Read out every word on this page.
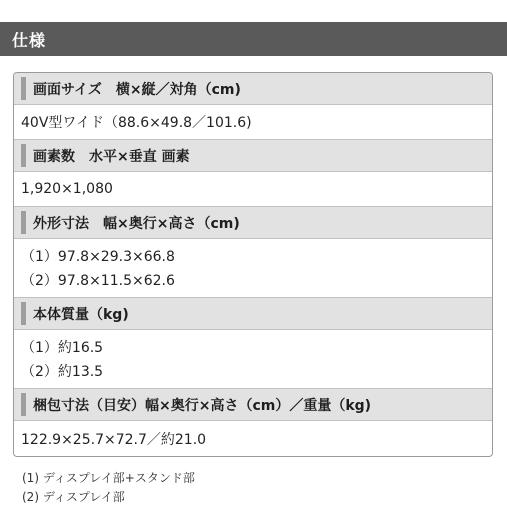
仕様
画面サイズ　横×縦／対角（cm)
40V型ワイド（88.6×49.8／101.6)
画素数　水平×垂直 画素
1,920×1,080
外形寸法　幅×奥行×高さ（cm)
（1）97.8×29.3×66.8
（2）97.8×11.5×62.6
本体質量（kg)
（1）約16.5
（2）約13.5
梱包寸法（目安）幅×奥行×高さ（cm）／重量（kg)
122.9×25.7×72.7／約21.0
(1) ディスプレイ部+スタンド部
(2) ディスプレイ部
